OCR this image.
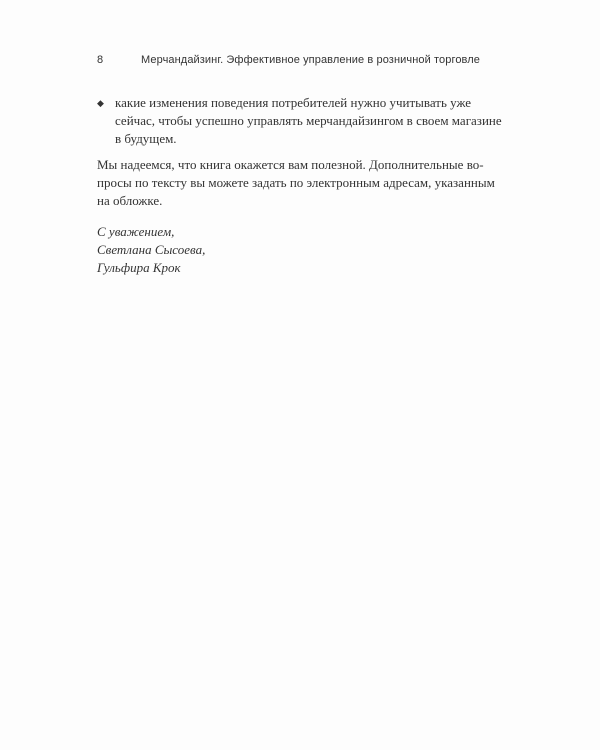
8	Мерчандайзинг. Эффективное управление в розничной торговле
◆ какие изменения поведения потребителей нужно учитывать уже
сейчас, чтобы успешно управлять мерчандайзингом в своем магазине
в будущем.
Мы надеемся, что книга окажется вам полезной. Дополнительные во-
просы по тексту вы можете задать по электронным адресам, указанным
на обложке.
С уважением,
Светлана Сысоева,
Гульфира Крок
